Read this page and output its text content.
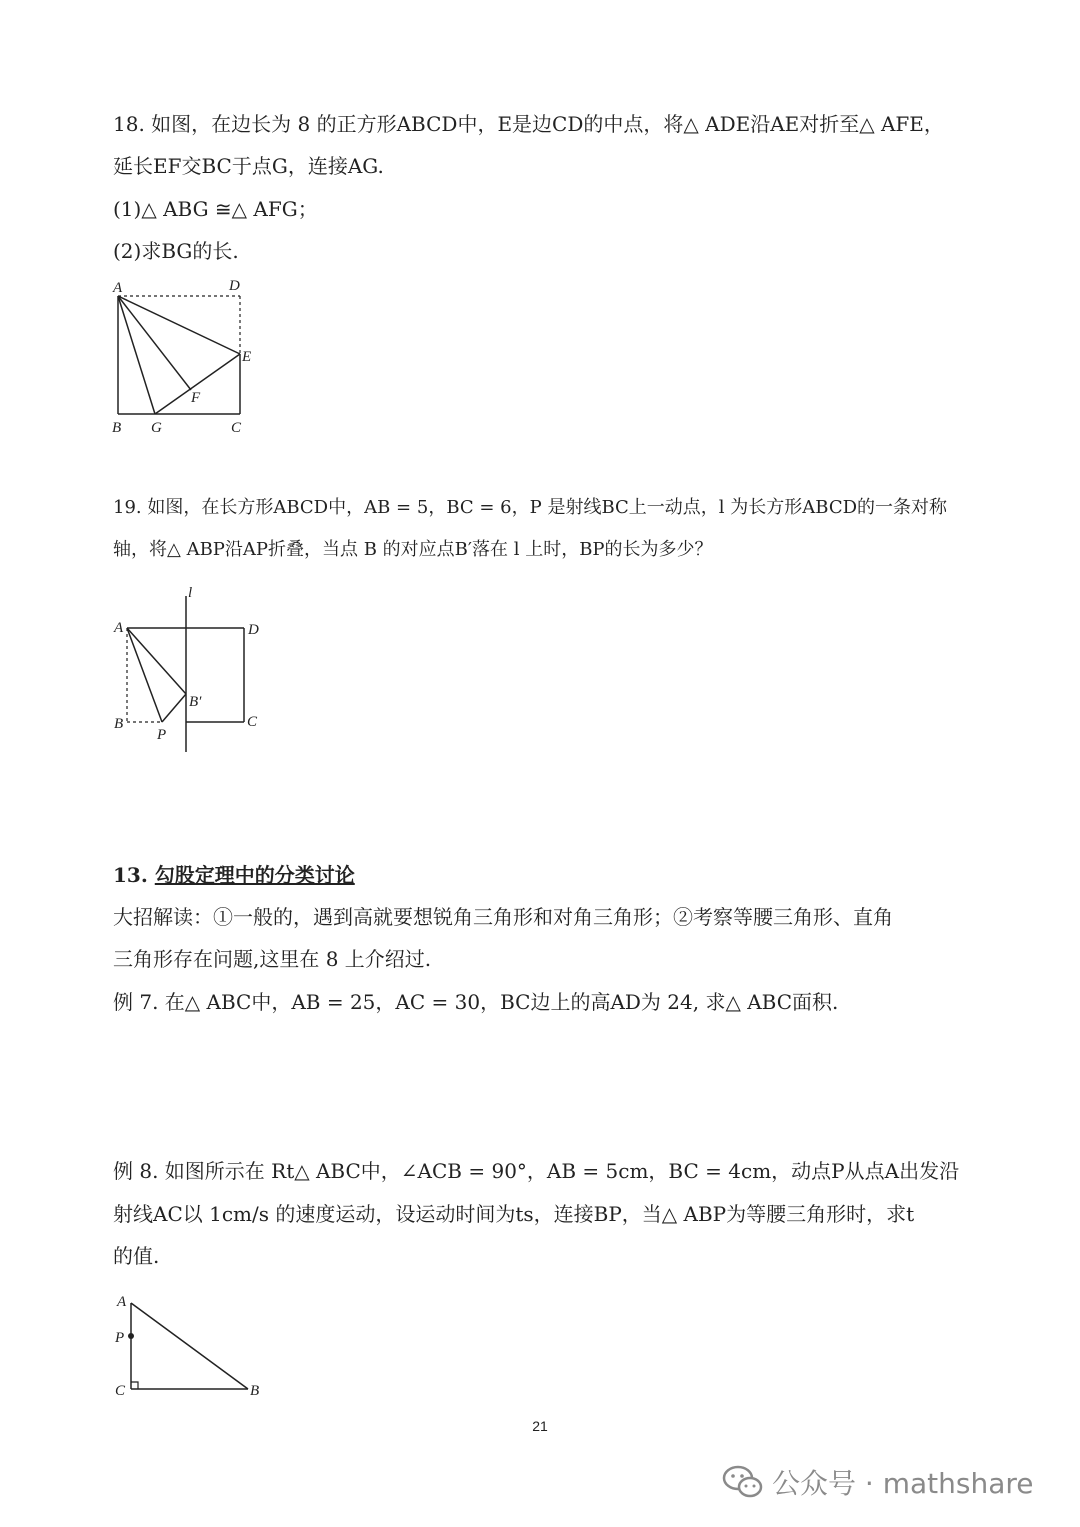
18. 如图，在边长为 8 的正方形ABCD中，E是边CD的中点，将△ ADE沿AE对折至△ AFE，
延长EF交BC于点G，连接AG.
(1)△ ABG ≅△ AFG；
(2)求BG的长.
A	D
E
F
B G	C
19. 如图，在长方形ABCD中，AB = 5，BC = 6，P 是射线BC上一动点，l 为长方形ABCD的一条对称
轴，将△ ABP沿AP折叠，当点 B 的对应点B′落在 l 上时，BP的长为多少？
l
A	D
B′
C
B
P
13. 勾股定理中的分类讨论
大招解读：①一般的，遇到高就要想锐角三角形和对角三角形；②考察等腰三角形、直角
三角形存在问题,这里在 8 上介绍过.
例 7. 在△ ABC中，AB = 25，AC = 30，BC边上的高AD为 24, 求△ ABC面积.
例 8. 如图所示在 Rt△ ABC中，∠ACB = 90°，AB = 5cm，BC = 4cm，动点P从点A出发沿
射线AC以 1cm/s 的速度运动，设运动时间为ts，连接BP，当△ ABP为等腰三角形时，求t
的值.
A
P
C	B
21
公众号 · mathshare
